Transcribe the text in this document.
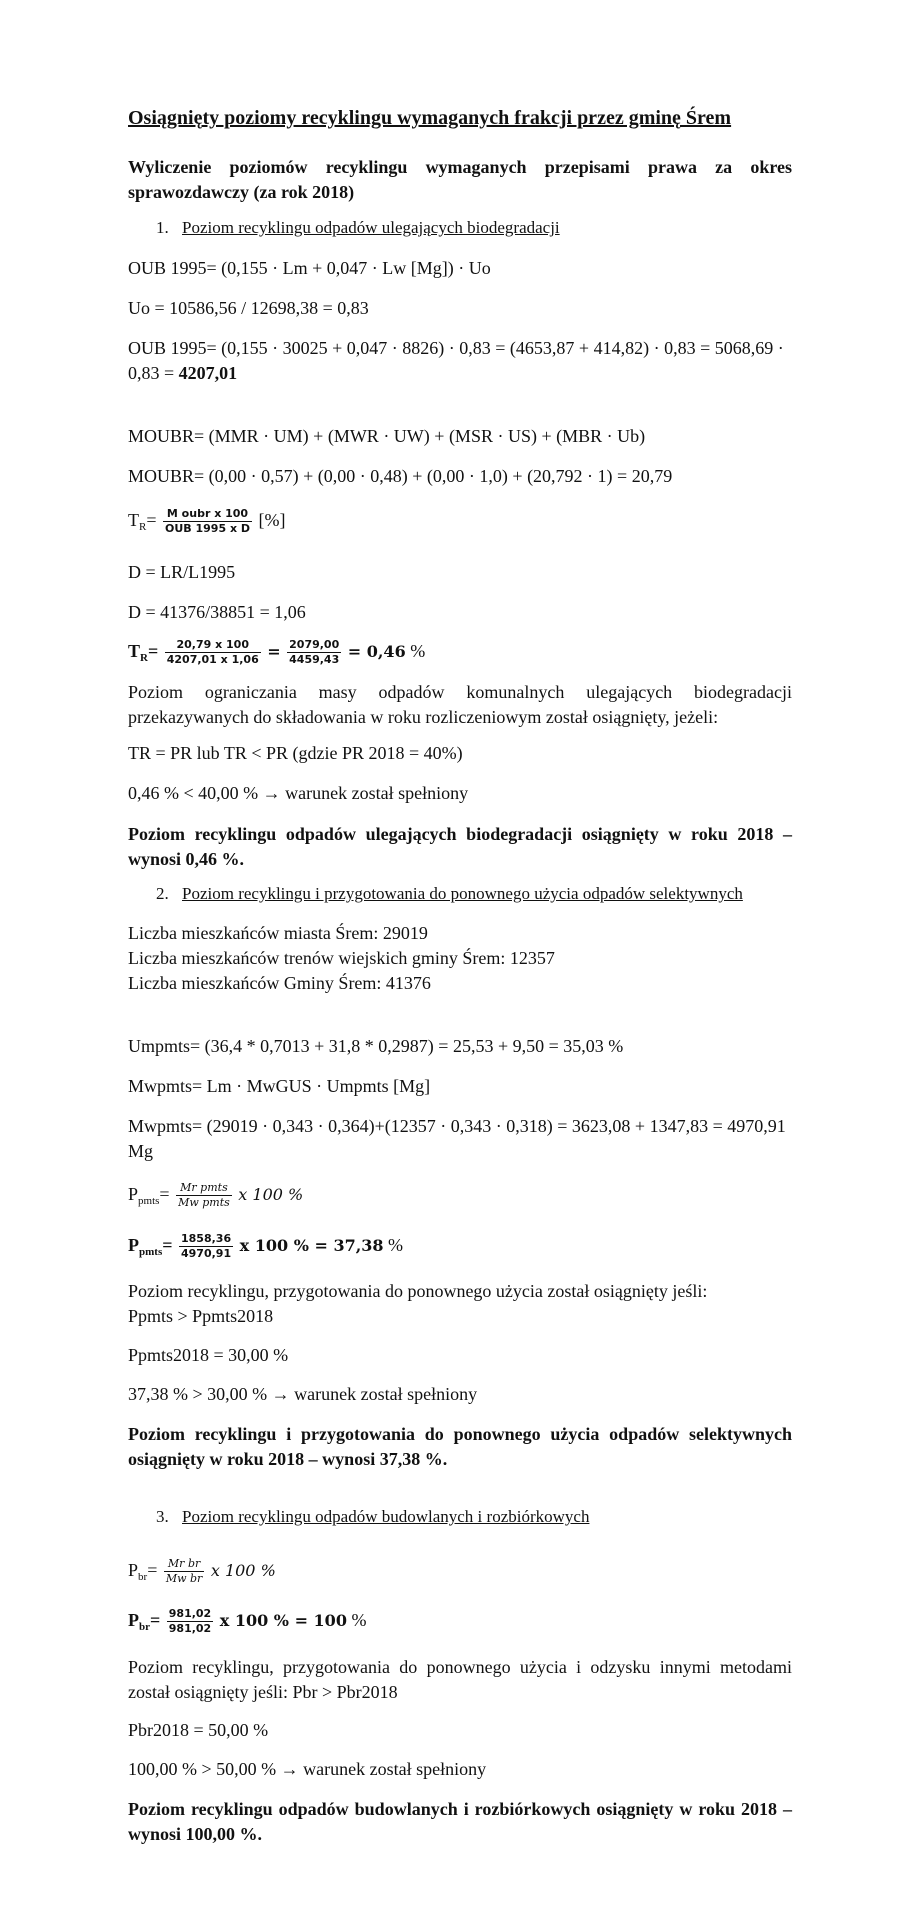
Osiągnięty poziomy recyklingu wymaganych frakcji przez gminę Śrem
Wyliczenie poziomów recyklingu wymaganych przepisami prawa za okres sprawozdawczy (za rok 2018)
1. Poziom recyklingu odpadów ulegających biodegradacji
OUB 1995= (0,155 · Lm + 0,047 · Lw [Mg]) · Uo
Uo = 10586,56 / 12698,38 = 0,83
OUB 1995= (0,155 · 30025 + 0,047 · 8826) · 0,83 = (4653,87 + 414,82) · 0,83 = 5068,69 ·
0,83 = 4207,01
MOUBR= (MMR · UM) + (MWR · UW) + (MSR · US) + (MBR · Ub)
MOUBR= (0,00 · 0,57) + (0,00 · 0,48) + (0,00 · 1,0) + (20,792 · 1) = 20,79
$T_R= \frac{\text{M oubr x 100}}{\text{OUB 1995 x D}}$ [%]
D = LR/L1995
D = 41376/38851 = 1,06
$T_R= \frac{20,79 x 100}{4207,01 x 1,06} = \frac{2079,00}{4459,43} = 0,46$ %
Poziom ograniczania masy odpadów komunalnych ulegających biodegradacji przekazywanych do składowania w roku rozliczeniowym został osiągnięty, jeżeli:
TR = PR lub TR < PR (gdzie PR 2018 = 40%)
0,46 % < 40,00 % → warunek został spełniony
Poziom recyklingu odpadów ulegających biodegradacji osiągnięty w roku 2018 – wynosi 0,46 %.
2. Poziom recyklingu i przygotowania do ponownego użycia odpadów selektywnych
Liczba mieszkańców miasta Śrem: 29019
Liczba mieszkańców trenów wiejskich gminy Śrem: 12357
Liczba mieszkańców Gminy Śrem: 41376
Umpmts= (36,4 * 0,7013 + 31,8 * 0,2987) = 25,53 + 9,50 = 35,03 %
Mwpmts= Lm · MwGUS · Umpmts [Mg]
Mwpmts= (29019 · 0,343 · 0,364)+(12357 · 0,343 · 0,318) = 3623,08 + 1347,83 = 4970,91
Mg
$P_{pmts}= \frac{\text{Mr pmts}}{\text{Mw pmts}}$ x 100 %
$P_{pmts}= \frac{1858,36}{4970,91}$ x 100 % = 37,38 %
Poziom recyklingu, przygotowania do ponownego użycia został osiągnięty jeśli:
Ppmts > Ppmts2018
Ppmts2018 = 30,00 %
37,38 % > 30,00 % → warunek został spełniony
Poziom recyklingu i przygotowania do ponownego użycia odpadów selektywnych osiągnięty w roku 2018 – wynosi 37,38 %.
3. Poziom recyklingu odpadów budowlanych i rozbiórkowych
$P_{br}= \frac{\text{Mr br}}{\text{Mw br}}$ x 100 %
$P_{br}= \frac{981,02}{981,02}$ x 100 % = 100 %
Poziom recyklingu, przygotowania do ponownego użycia i odzysku innymi metodami został osiągnięty jeśli: Pbr > Pbr2018
Pbr2018 = 50,00 %
100,00 % > 50,00 % → warunek został spełniony
Poziom recyklingu odpadów budowlanych i rozbiórkowych osiągnięty w roku 2018 – wynosi 100,00 %.
